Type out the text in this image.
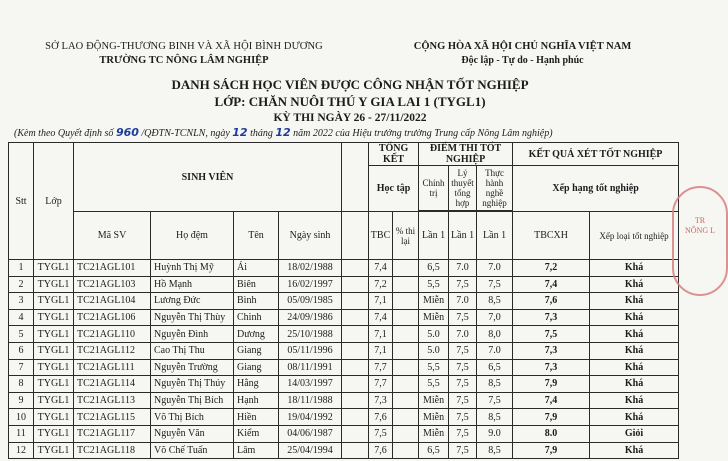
SỞ LAO ĐỘNG-THƯƠNG BINH VÀ XÃ HỘI BÌNH DƯƠNG
TRƯỜNG TC NÔNG LÂM NGHIỆP
CỘNG HÒA XÃ HỘI CHỦ NGHĨA VIỆT NAM
Độc lập - Tự do - Hạnh phúc
DANH SÁCH HỌC VIÊN ĐƯỢC CÔNG NHẬN TỐT NGHIỆP
LỚP: CHĂN NUÔI THÚ Y GIA LAI 1 (TYGL1)
KỲ THI NGÀY 26 - 27/11/2022
(Kèm theo Quyết định số 960 /QĐTN-TCNLN, ngày 12 tháng 12 năm 2022 của Hiệu trưởng trường Trung cấp Nông Lâm nghiệp)
Stt	Lớp	SINH VIÊN					TỔNG KẾT		ĐIỂM THI TỐT NGHIỆP			KẾT QUẢ XÉT TỐT NGHIỆP	
							Học tập		Chính trị	Lý thuyết tổng hợp	Thực hành nghề nghiệp	Xếp hạng tốt nghiệp		

		Mã SV	Họ đệm	Tên	Ngày sinh		TBC	% thi lại	Lần 1	Lần 1	Lần 1	TBCXH	Xếp loại tốt nghiệp	
1	TYGL1	TC21AGL101	Huỳnh Thị Mỹ	Ái	18/02/1988		7,4		6,5	7.0	7.0	7,2	Khá	
2	TYGL1	TC21AGL103	Hồ Mạnh	Biên	16/02/1997		7,2		5,5	7,5	7,5	7,4	Khá	
3	TYGL1	TC21AGL104	Lương Đức	Bình	05/09/1985		7,1		Miễn	7.0	8,5	7,6	Khá	
4	TYGL1	TC21AGL106	Nguyễn Thị Thùy	Chinh	24/09/1986		7,4		Miễn	7,5	7,0	7,3	Khá	
5	TYGL1	TC21AGL110	Nguyễn Đình	Dương	25/10/1988		7,1		5.0	7.0	8,0	7,5	Khá	
6	TYGL1	TC21AGL112	Cao Thị Thu	Giang	05/11/1996		7,1		5.0	7,5	7.0	7,3	Khá	
7	TYGL1	TC21AGL111	Nguyễn Trường	Giang	08/11/1991		7,7		5,5	7,5	6,5	7,3	Khá	
8	TYGL1	TC21AGL114	Nguyễn Thị Thúy	Hằng	14/03/1997		7,7		5,5	7,5	8,5	7,9	Khá	
9	TYGL1	TC21AGL113	Nguyễn Thị Bích	Hạnh	18/11/1988		7,3		Miễn	7,5	7,5	7,4	Khá	
10	TYGL1	TC21AGL115	Võ Thị Bích	Hiền	19/04/1992		7,6		Miễn	7,5	8,5	7,9	Khá	
11	TYGL1	TC21AGL117	Nguyễn Văn	Kiểm	04/06/1987		7,5		Miễn	7,5	9.0	8.0	Giỏi	
12	TYGL1	TC21AGL118	Võ Chế Tuấn	Lâm	25/04/1994		7,6		6,5	7,5	8,5	7,9	Khá	
TR
NÔNG L
